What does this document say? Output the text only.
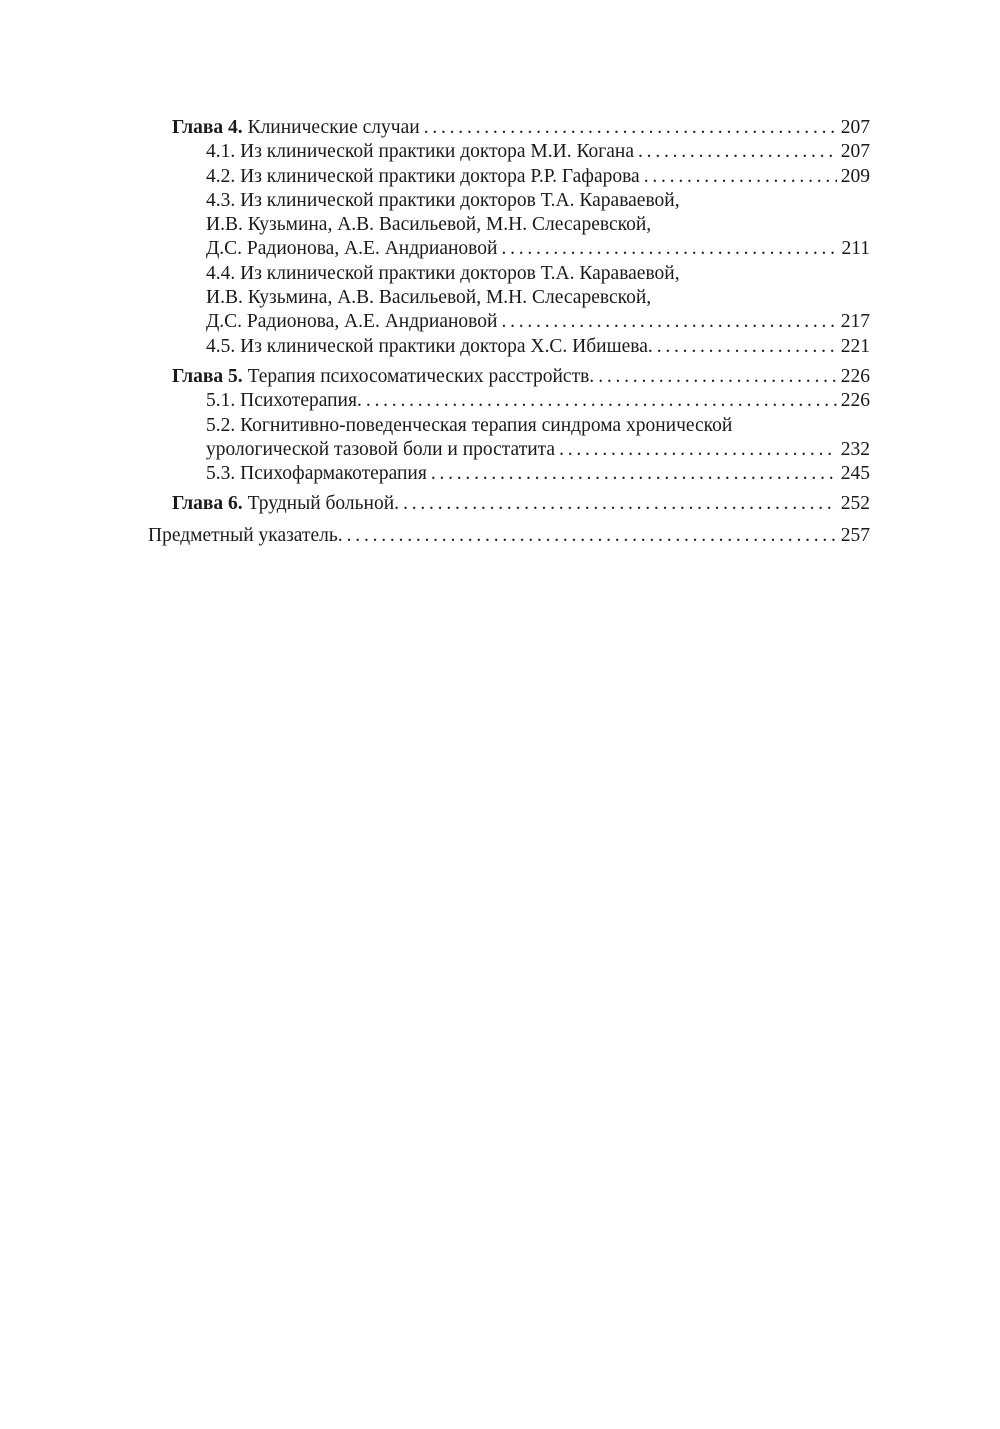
Глава 4. Клинические случаи . . .	207
4.1. Из клинической практики доктора М.И. Когана . . .	207
4.2. Из клинической практики доктора Р.Р. Гафарова . . .	209
4.3. Из клинической практики докторов Т.А. Караваевой,
И.В. Кузьмина, А.В. Васильевой, М.Н. Слесаревской,
Д.С. Радионова, А.Е. Андриановой . . .	211
4.4. Из клинической практики докторов Т.А. Караваевой,
И.В. Кузьмина, А.В. Васильевой, М.Н. Слесаревской,
Д.С. Радионова, А.Е. Андриановой . . .	217
4.5. Из клинической практики доктора Х.С. Ибишева. . . .	221
Глава 5. Терапия психосоматических расстройств. . . .	226
5.1. Психотерапия. . . .	226
5.2. Когнитивно-поведенческая терапия синдрома хронической
урологической тазовой боли и простатита . . .	232
5.3. Психофармакотерапия . . .	245
Глава 6. Трудный больной. . . .	252
Предметный указатель. . . .	257
